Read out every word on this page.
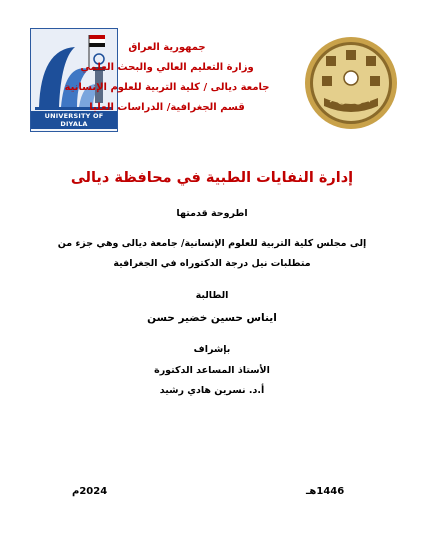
UNIVERSITY OF DIYALA
جمهورية العراق
وزارة التعليم العالي والبحث العلمي
جامعة ديالى / كلية التربية للعلوم الإنسانية
قسم الجغرافية/ الدراسات العليا
إدارة النفايات الطبية في محافظة ديالى
اطروحة قدمتها
إلى مجلس كلية التربية للعلوم الإنسانية/ جامعة ديالى وهي جزء من
متطلبات نيل درجة الدكتوراه في الجغرافية
الطالبة
ايناس حسين خضير حسن
بإشراف
الأستاذ المساعد الدكتورة
أ.د. نسرين هادي رشيد
1446هـ
2024م
